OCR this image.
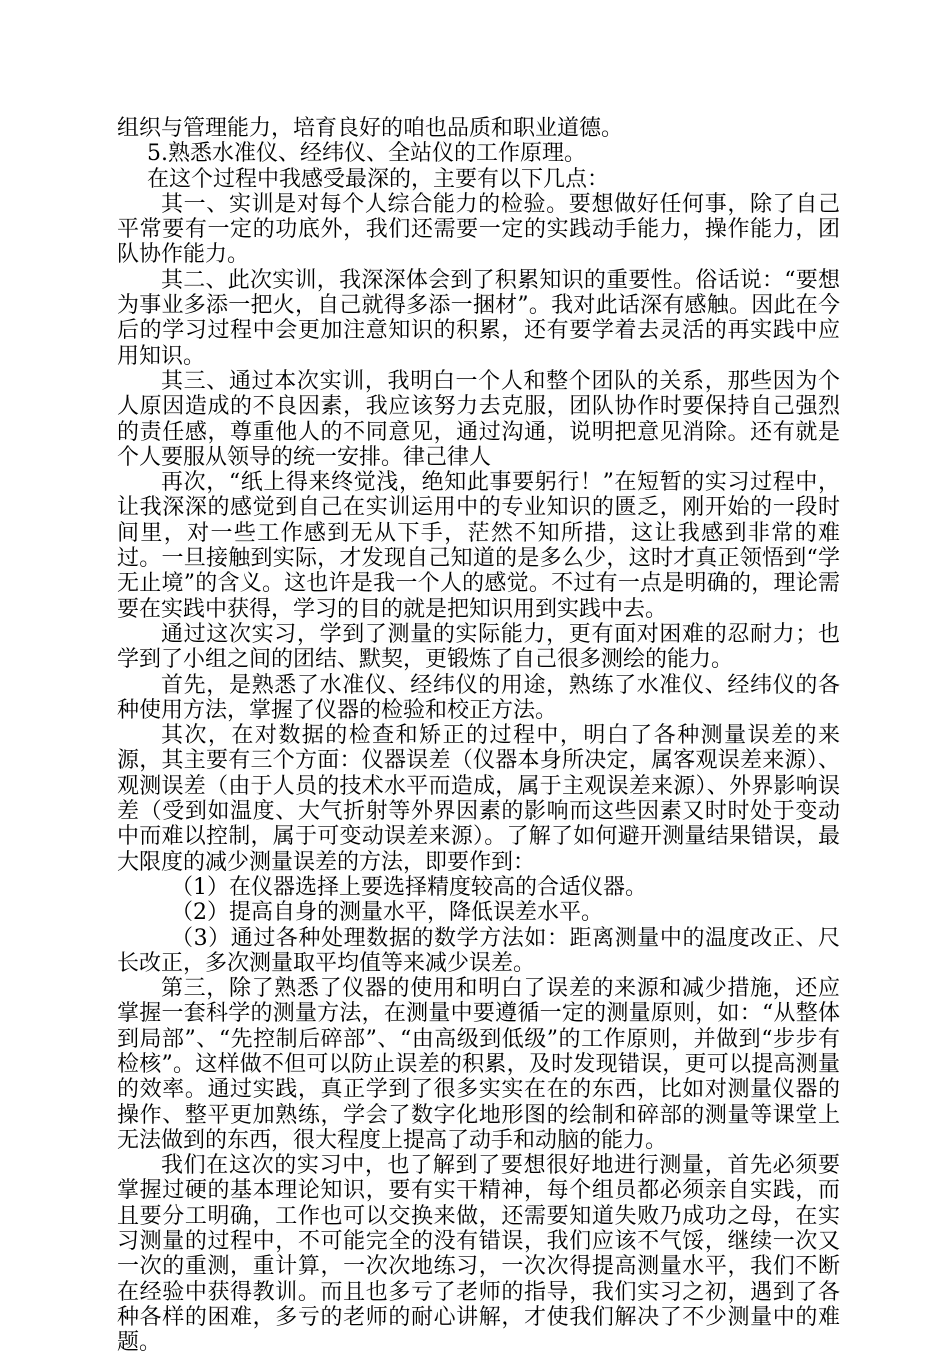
组织与管理能力，培育良好的咱也品质和职业道德。

5.熟悉水准仪、经纬仪、全站仪的工作原理。

在这个过程中我感受最深的，主要有以下几点：

其一、实训是对每个人综合能力的检验。要想做好任何事，除了自己平常要有一定的功底外，我们还需要一定的实践动手能力，操作能力，团队协作能力。

其二、此次实训，我深深体会到了积累知识的重要性。俗话说：“要想为事业多添一把火，自己就得多添一捆材”。我对此话深有感触。因此在今后的学习过程中会更加注意知识的积累，还有要学着去灵活的再实践中应用知识。

其三、通过本次实训，我明白一个人和整个团队的关系，那些因为个人原因造成的不良因素，我应该努力去克服，团队协作时要保持自己强烈的责任感，尊重他人的不同意见，通过沟通，说明把意见消除。还有就是个人要服从领导的统一安排。律己律人

再次，“纸上得来终觉浅，绝知此事要躬行！”在短暂的实习过程中，让我深深的感觉到自己在实训运用中的专业知识的匮乏，刚开始的一段时间里，对一些工作感到无从下手，茫然不知所措，这让我感到非常的难过。一旦接触到实际，才发现自己知道的是多么少，这时才真正领悟到“学无止境”的含义。这也许是我一个人的感觉。不过有一点是明确的，理论需要在实践中获得，学习的目的就是把知识用到实践中去。

通过这次实习，学到了测量的实际能力，更有面对困难的忍耐力；也学到了小组之间的团结、默契，更锻炼了自己很多测绘的能力。

首先，是熟悉了水准仪、经纬仪的用途，熟练了水准仪、经纬仪的各种使用方法，掌握了仪器的检验和校正方法。

其次，在对数据的检查和矫正的过程中，明白了各种测量误差的来源，其主要有三个方面：仪器误差（仪器本身所决定，属客观误差来源）、观测误差（由于人员的技术水平而造成，属于主观误差来源）、外界影响误差（受到如温度、大气折射等外界因素的影响而这些因素又时时处于变动中而难以控制，属于可变动误差来源）。了解了如何避开测量结果错误，最大限度的减少测量误差的方法，即要作到：

（1）在仪器选择上要选择精度较高的合适仪器。

（2）提高自身的测量水平，降低误差水平。

（3）通过各种处理数据的数学方法如：距离测量中的温度改正、尺长改正，多次测量取平均值等来减少误差。

第三，除了熟悉了仪器的使用和明白了误差的来源和减少措施，还应掌握一套科学的测量方法，在测量中要遵循一定的测量原则，如：“从整体到局部”、“先控制后碎部”、“由高级到低级”的工作原则，并做到“步步有检核”。这样做不但可以防止误差的积累，及时发现错误，更可以提高测量的效率。通过实践，真正学到了很多实实在在的东西，比如对测量仪器的操作、整平更加熟练，学会了数字化地形图的绘制和碎部的测量等课堂上无法做到的东西，很大程度上提高了动手和动脑的能力。

我们在这次的实习中，也了解到了要想很好地进行测量，首先必须要掌握过硬的基本理论知识，要有实干精神，每个组员都必须亲自实践，而且要分工明确，工作也可以交换来做，还需要知道失败乃成功之母，在实习测量的过程中，不可能完全的没有错误，我们应该不气馁，继续一次又一次的重测，重计算，一次次地练习，一次次得提高测量水平，我们不断在经验中获得教训。而且也多亏了老师的指导，我们实习之初，遇到了各种各样的困难，多亏的老师的耐心讲解，才使我们解决了不少测量中的难题。
